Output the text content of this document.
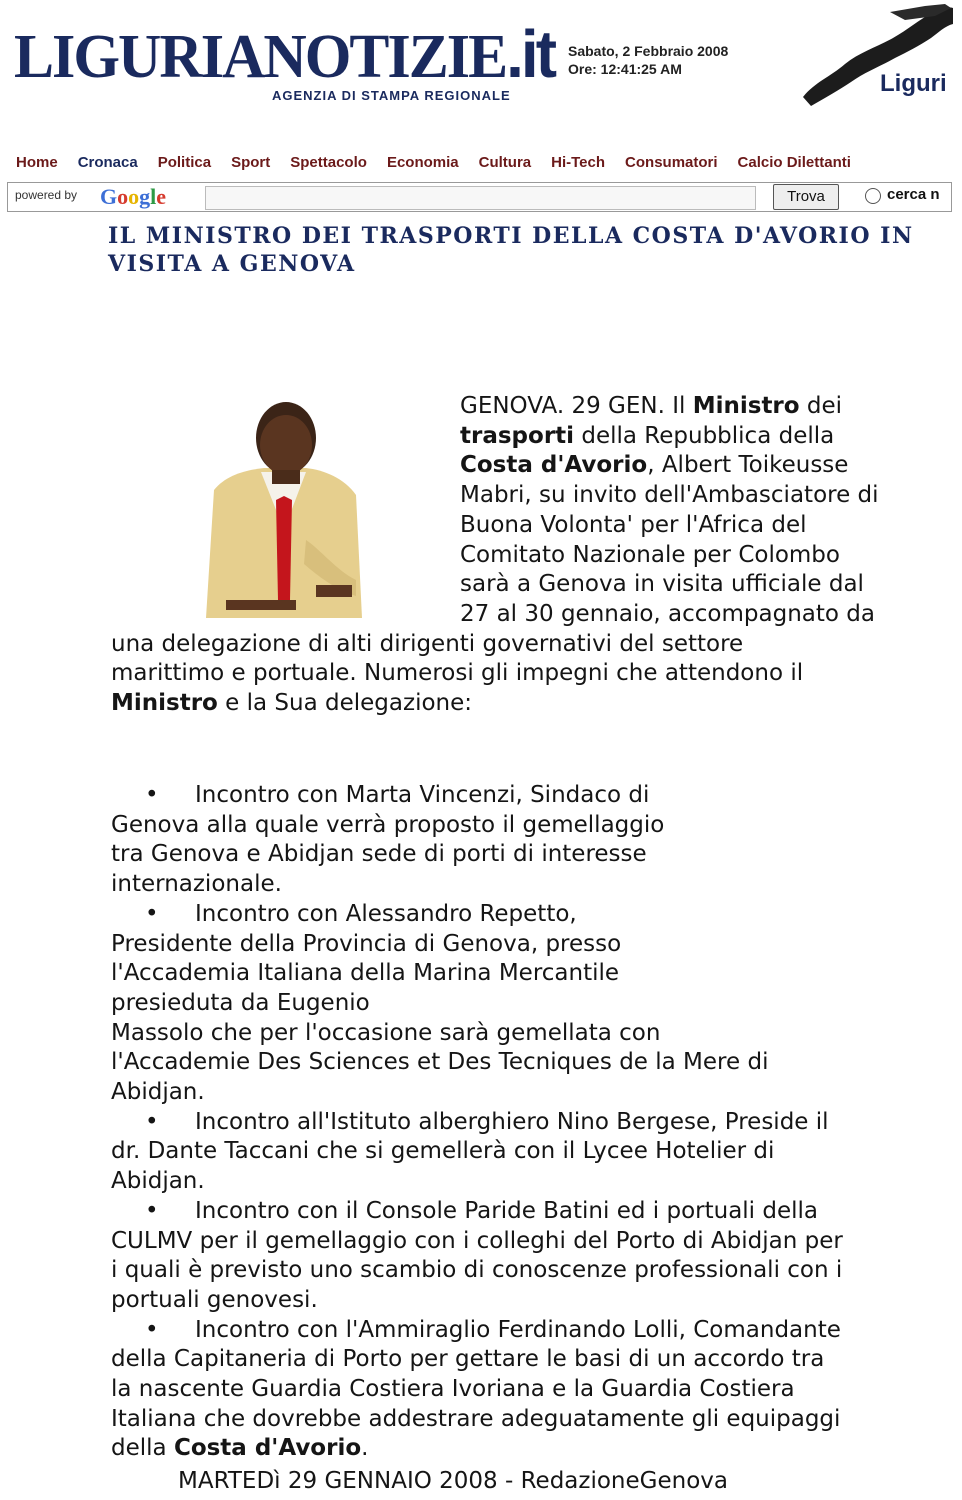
LIGURIANOTIZIE.it
AGENZIA DI STAMPA REGIONALE
Sabato, 2 Febbraio 2008
Ore: 12:41:25 AM
Liguri
Home Cronaca Politica Sport Spettacolo Economia Cultura Hi-Tech Consumatori Calcio Dilettanti
powered by Google	Trova	cerca n
IL MINISTRO DEI TRASPORTI DELLA COSTA D'AVORIO IN VISITA A GENOVA
GENOVA. 29 GEN. Il Ministro dei
trasporti della Repubblica della
Costa d'Avorio, Albert Toikeusse
Mabri, su invito dell'Ambasciatore di
Buona Volonta' per l'Africa del
Comitato Nazionale per Colombo
sarà a Genova in visita ufficiale dal
27 al 30 gennaio, accompagnato da
una delegazione di alti dirigenti governativi del settore
marittimo e portuale. Numerosi gli impegni che attendono il
Ministro e la Sua delegazione:
• Incontro con Marta Vincenzi, Sindaco di
Genova alla quale verrà proposto il gemellaggio
tra Genova e Abidjan sede di porti di interesse
internazionale.
• Incontro con Alessandro Repetto,
Presidente della Provincia di Genova, presso
l'Accademia Italiana della Marina Mercantile
presieduta da Eugenio
Massolo che per l'occasione sarà gemellata con
l'Accademie Des Sciences et Des Tecniques de la Mere di
Abidjan.
• Incontro all'Istituto alberghiero Nino Bergese, Preside il
dr. Dante Taccani che si gemellerà con il Lycee Hotelier di
Abidjan.
• Incontro con il Console Paride Batini ed i portuali della
CULMV per il gemellaggio con i colleghi del Porto di Abidjan per
i quali è previsto uno scambio di conoscenze professionali con i
portuali genovesi.
• Incontro con l'Ammiraglio Ferdinando Lolli, Comandante
della Capitaneria di Porto per gettare le basi di un accordo tra
la nascente Guardia Costiera Ivoriana e la Guardia Costiera
Italiana che dovrebbe addestrare adeguatamente gli equipaggi
della Costa d'Avorio.
MARTEDì 29 GENNAIO 2008 - RedazioneGenova
